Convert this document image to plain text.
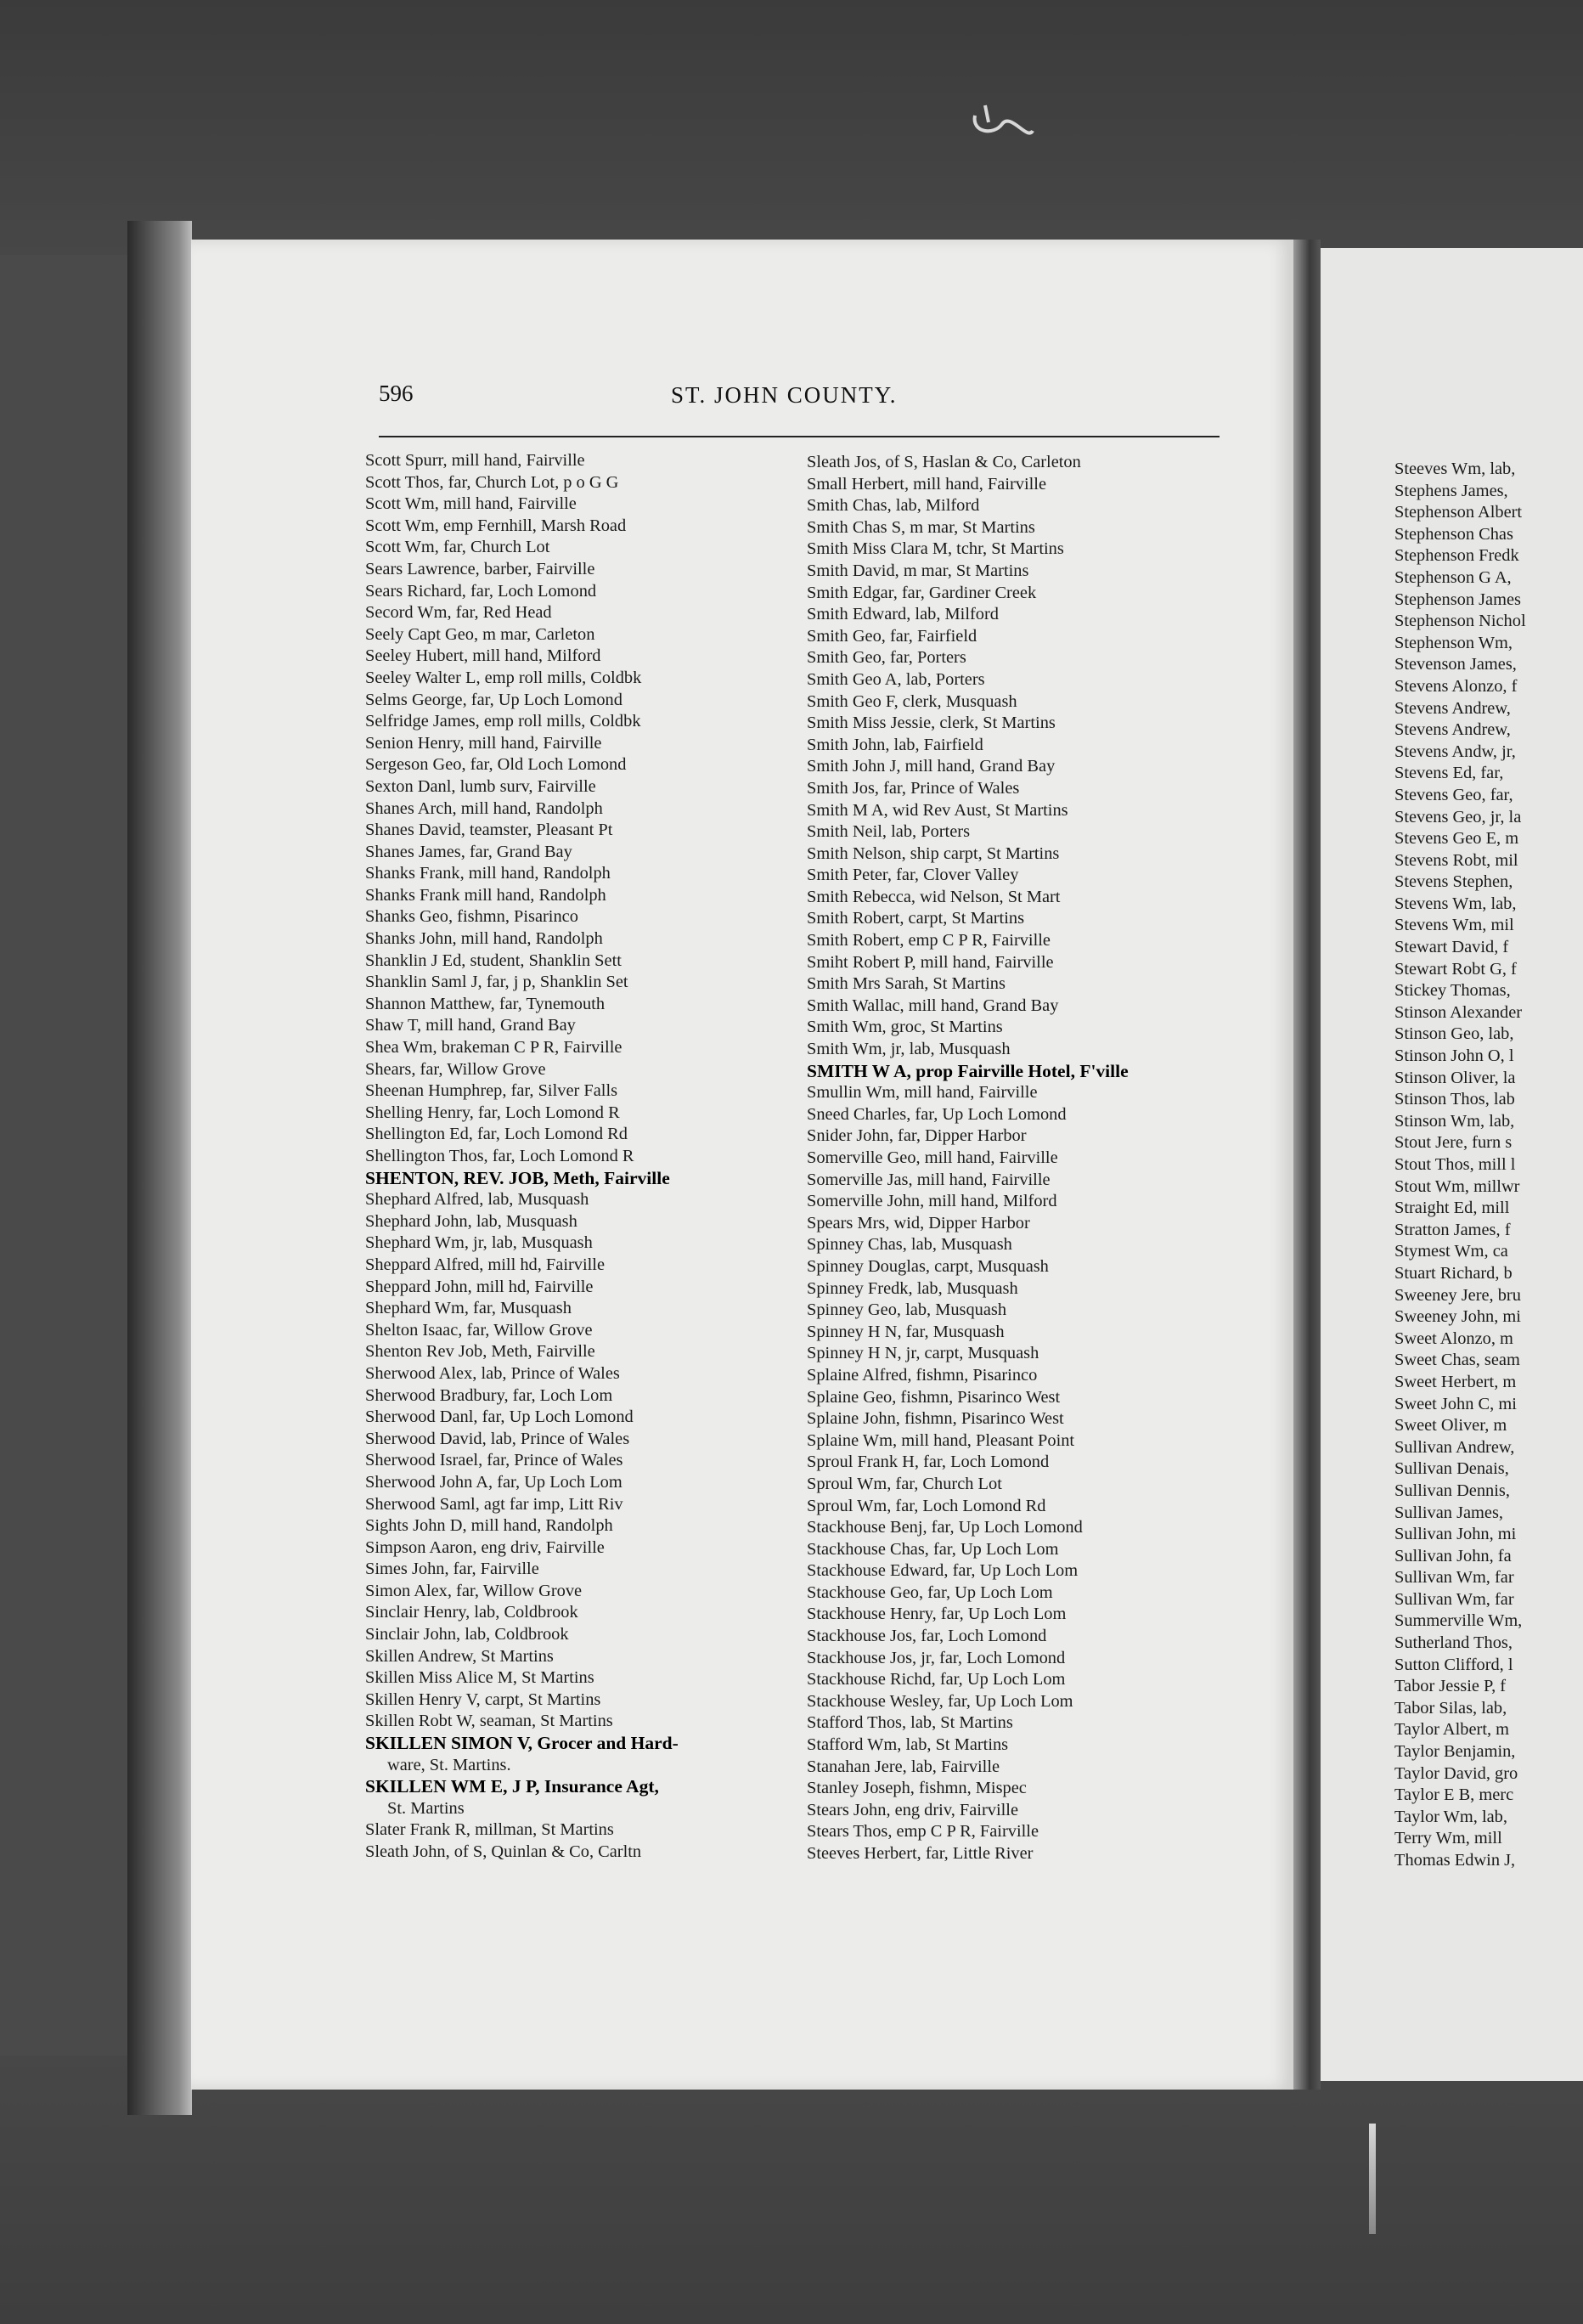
596	ST. JOHN COUNTY.
Scott Spurr, mill hand, Fairville
Scott Thos, far, Church Lot, p o G G
Scott Wm, mill hand, Fairville
Scott Wm, emp Fernhill, Marsh Road
Scott Wm, far, Church Lot
Sears Lawrence, barber, Fairville
Sears Richard, far, Loch Lomond
Secord Wm, far, Red Head
Seely Capt Geo, m mar, Carleton
Seeley Hubert, mill hand, Milford
Seeley Walter L, emp roll mills, Coldbk
Selms George, far, Up Loch Lomond
Selfridge James, emp roll mills, Coldbk
Senion Henry, mill hand, Fairville
Sergeson Geo, far, Old Loch Lomond
Sexton Danl, lumb surv, Fairville
Shanes Arch, mill hand, Randolph
Shanes David, teamster, Pleasant Pt
Shanes James, far, Grand Bay
Shanks Frank, mill hand, Randolph
Shanks Frank mill hand, Randolph
Shanks Geo, fishmn, Pisarinco
Shanks John, mill hand, Randolph
Shanklin J Ed, student, Shanklin Sett
Shanklin Saml J, far, j p, Shanklin Set
Shannon Matthew, far, Tynemouth
Shaw T, mill hand, Grand Bay
Shea Wm, brakeman C P R, Fairville
Shears, far, Willow Grove
Sheenan Humphrep, far, Silver Falls
Shelling Henry, far, Loch Lomond R
Shellington Ed, far, Loch Lomond Rd
Shellington Thos, far, Loch Lomond R
SHENTON, REV. JOB, Meth, Fairville
Shephard Alfred, lab, Musquash
Shephard John, lab, Musquash
Shephard Wm, jr, lab, Musquash
Sheppard Alfred, mill hd, Fairville
Sheppard John, mill hd, Fairville
Shephard Wm, far, Musquash
Shelton Isaac, far, Willow Grove
Shenton Rev Job, Meth, Fairville
Sherwood Alex, lab, Prince of Wales
Sherwood Bradbury, far, Loch Lom
Sherwood Danl, far, Up Loch Lomond
Sherwood David, lab, Prince of Wales
Sherwood Israel, far, Prince of Wales
Sherwood John A, far, Up Loch Lom
Sherwood Saml, agt far imp, Litt Riv
Sights John D, mill hand, Randolph
Simpson Aaron, eng driv, Fairville
Simes John, far, Fairville
Simon Alex, far, Willow Grove
Sinclair Henry, lab, Coldbrook
Sinclair John, lab, Coldbrook
Skillen Andrew, St Martins
Skillen Miss Alice M, St Martins
Skillen Henry V, carpt, St Martins
Skillen Robt W, seaman, St Martins
SKILLEN SIMON V, Grocer and Hard-
ware, St. Martins.
SKILLEN WM E, J P, Insurance Agt,
St. Martins
Slater Frank R, millman, St Martins
Sleath John, of S, Quinlan & Co, Carltn
Sleath Jos, of S, Haslan & Co, Carleton
Small Herbert, mill hand, Fairville
Smith Chas, lab, Milford
Smith Chas S, m mar, St Martins
Smith Miss Clara M, tchr, St Martins
Smith David, m mar, St Martins
Smith Edgar, far, Gardiner Creek
Smith Edward, lab, Milford
Smith Geo, far, Fairfield
Smith Geo, far, Porters
Smith Geo A, lab, Porters
Smith Geo F, clerk, Musquash
Smith Miss Jessie, clerk, St Martins
Smith John, lab, Fairfield
Smith John J, mill hand, Grand Bay
Smith Jos, far, Prince of Wales
Smith M A, wid Rev Aust, St Martins
Smith Neil, lab, Porters
Smith Nelson, ship carpt, St Martins
Smith Peter, far, Clover Valley
Smith Rebecca, wid Nelson, St Mart
Smith Robert, carpt, St Martins
Smith Robert, emp C P R, Fairville
Smiht Robert P, mill hand, Fairville
Smith Mrs Sarah, St Martins
Smith Wallac, mill hand, Grand Bay
Smith Wm, groc, St Martins
Smith Wm, jr, lab, Musquash
SMITH W A, prop Fairville Hotel, F'ville
Smullin Wm, mill hand, Fairville
Sneed Charles, far, Up Loch Lomond
Snider John, far, Dipper Harbor
Somerville Geo, mill hand, Fairville
Somerville Jas, mill hand, Fairville
Somerville John, mill hand, Milford
Spears Mrs, wid, Dipper Harbor
Spinney Chas, lab, Musquash
Spinney Douglas, carpt, Musquash
Spinney Fredk, lab, Musquash
Spinney Geo, lab, Musquash
Spinney H N, far, Musquash
Spinney H N, jr, carpt, Musquash
Splaine Alfred, fishmn, Pisarinco
Splaine Geo, fishmn, Pisarinco West
Splaine John, fishmn, Pisarinco West
Splaine Wm, mill hand, Pleasant Point
Sproul Frank H, far, Loch Lomond
Sproul Wm, far, Church Lot
Sproul Wm, far, Loch Lomond Rd
Stackhouse Benj, far, Up Loch Lomond
Stackhouse Chas, far, Up Loch Lom
Stackhouse Edward, far, Up Loch Lom
Stackhouse Geo, far, Up Loch Lom
Stackhouse Henry, far, Up Loch Lom
Stackhouse Jos, far, Loch Lomond
Stackhouse Jos, jr, far, Loch Lomond
Stackhouse Richd, far, Up Loch Lom
Stackhouse Wesley, far, Up Loch Lom
Stafford Thos, lab, St Martins
Stafford Wm, lab, St Martins
Stanahan Jere, lab, Fairville
Stanley Joseph, fishmn, Mispec
Stears John, eng driv, Fairville
Stears Thos, emp C P R, Fairville
Steeves Herbert, far, Little River
Steeves Wm, lab,
Stephens James,
Stephenson Albert
Stephenson Chas
Stephenson Fredk
Stephenson G A,
Stephenson James
Stephenson Nichol
Stephenson Wm,
Stevenson James,
Stevens Alonzo, f
Stevens Andrew,
Stevens Andrew,
Stevens Andw, jr,
Stevens Ed, far,
Stevens Geo, far,
Stevens Geo, jr, la
Stevens Geo E, m
Stevens Robt, mil
Stevens Stephen,
Stevens Wm, lab,
Stevens Wm, mil
Stewart David, f
Stewart Robt G, f
Stickey Thomas,
Stinson Alexander
Stinson Geo, lab,
Stinson John O, l
Stinson Oliver, la
Stinson Thos, lab
Stinson Wm, lab,
Stout Jere, furn s
Stout Thos, mill l
Stout Wm, millwr
Straight Ed, mill
Stratton James, f
Stymest Wm, ca
Stuart Richard, b
Sweeney Jere, bru
Sweeney John, mi
Sweet Alonzo, m
Sweet Chas, seam
Sweet Herbert, m
Sweet John C, mi
Sweet Oliver, m
Sullivan Andrew,
Sullivan Denais,
Sullivan Dennis,
Sullivan James,
Sullivan John, mi
Sullivan John, fa
Sullivan Wm, far
Sullivan Wm, far
Summerville Wm,
Sutherland Thos,
Sutton Clifford, l
Tabor Jessie P, f
Tabor Silas, lab,
Taylor Albert, m
Taylor Benjamin,
Taylor David, gro
Taylor E B, merc
Taylor Wm, lab,
Terry Wm, mill
Thomas Edwin J,
